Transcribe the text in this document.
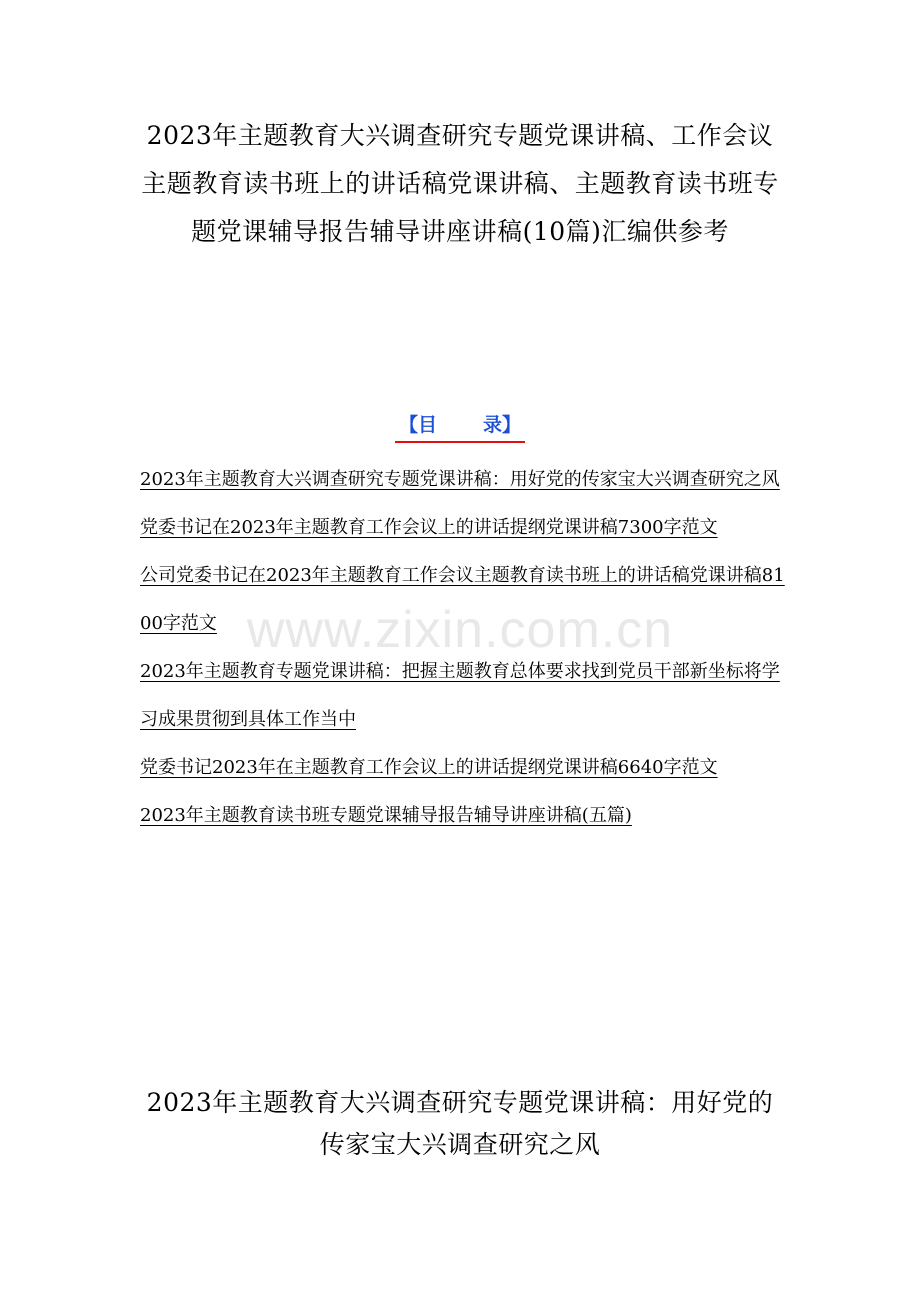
2023年主题教育大兴调查研究专题党课讲稿、工作会议主题教育读书班上的讲话稿党课讲稿、主题教育读书班专题党课辅导报告辅导讲座讲稿(10篇)汇编供参考
【目 录】
2023年主题教育大兴调查研究专题党课讲稿：用好党的传家宝大兴调查研究之风
党委书记在2023年主题教育工作会议上的讲话提纲党课讲稿7300字范文
公司党委书记在2023年主题教育工作会议主题教育读书班上的讲话稿党课讲稿8100字范文
2023年主题教育专题党课讲稿：把握主题教育总体要求找到党员干部新坐标将学习成果贯彻到具体工作当中
党委书记2023年在主题教育工作会议上的讲话提纲党课讲稿6640字范文
2023年主题教育读书班专题党课辅导报告辅导讲座讲稿(五篇)
www.zixin.com.cn
2023年主题教育大兴调查研究专题党课讲稿：用好党的传家宝大兴调查研究之风
